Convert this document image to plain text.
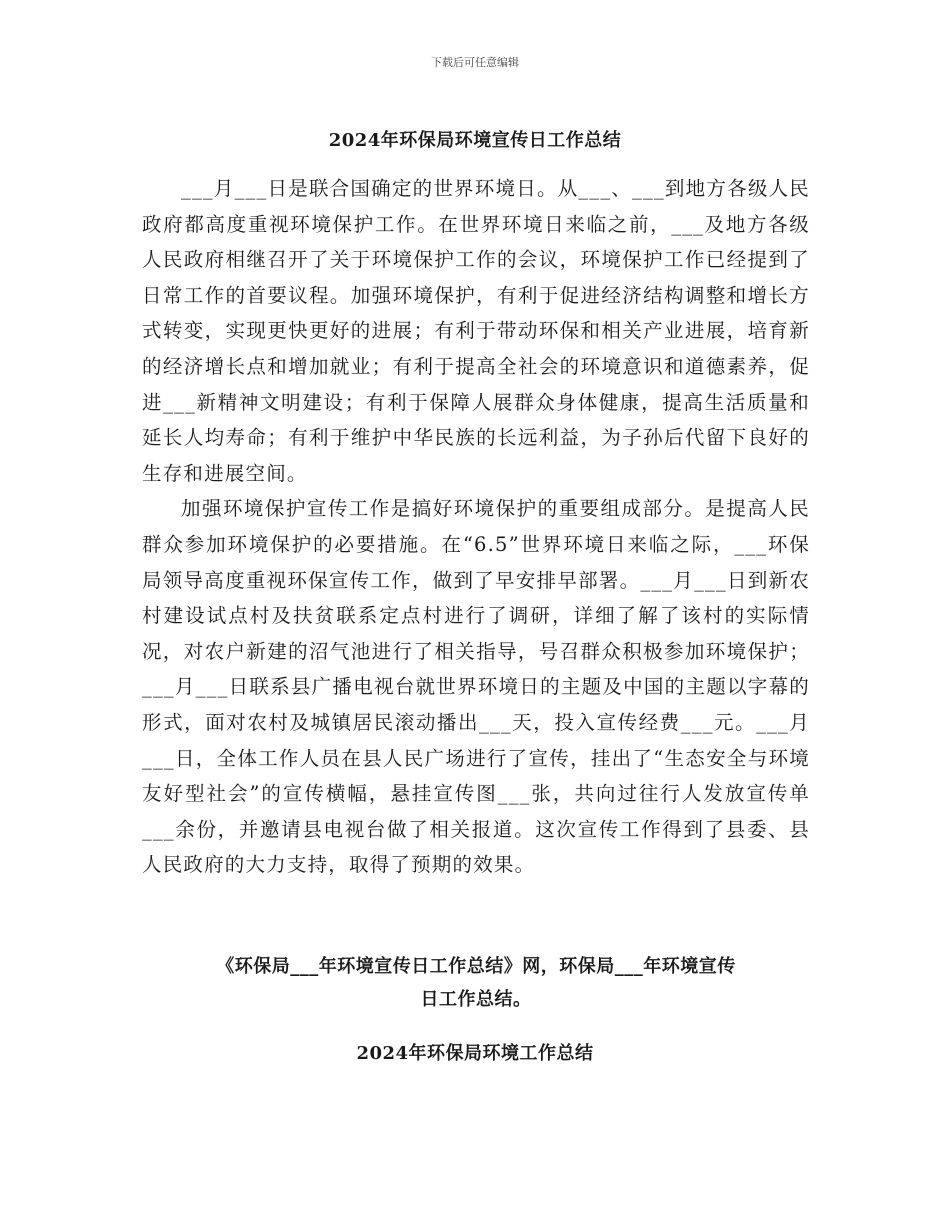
下载后可任意编辑
2024年环保局环境宣传日工作总结

___月___日是联合国确定的世界环境日。从___、___到地方各级人民政府都高度重视环境保护工作。在世界环境日来临之前，___及地方各级人民政府相继召开了关于环境保护工作的会议，环境保护工作已经提到了日常工作的首要议程。加强环境保护，有利于促进经济结构调整和增长方式转变，实现更快更好的进展；有利于带动环保和相关产业进展，培育新的经济增长点和增加就业；有利于提高全社会的环境意识和道德素养，促进___新精神文明建设；有利于保障人展群众身体健康，提高生活质量和延长人均寿命；有利于维护中华民族的长远利益，为子孙后代留下良好的生存和进展空间。

加强环境保护宣传工作是搞好环境保护的重要组成部分。是提高人民群众参加环境保护的必要措施。在“6.5”世界环境日来临之际，___环保局领导高度重视环保宣传工作，做到了早安排早部署。___月___日到新农村建设试点村及扶贫联系定点村进行了调研，详细了解了该村的实际情况，对农户新建的沼气池进行了相关指导，号召群众积极参加环境保护；___月___日联系县广播电视台就世界环境日的主题及中国的主题以字幕的形式，面对农村及城镇居民滚动播出___天，投入宣传经费___元。___月___日，全体工作人员在县人民广场进行了宣传，挂出了“生态安全与环境友好型社会”的宣传横幅，悬挂宣传图___张，共向过往行人发放宣传单___余份，并邀请县电视台做了相关报道。这次宣传工作得到了县委、县人民政府的大力支持，取得了预期的效果。

《环保局___年环境宣传日工作总结》网，环保局___年环境宣传
日工作总结。
2024年环保局环境工作总结
